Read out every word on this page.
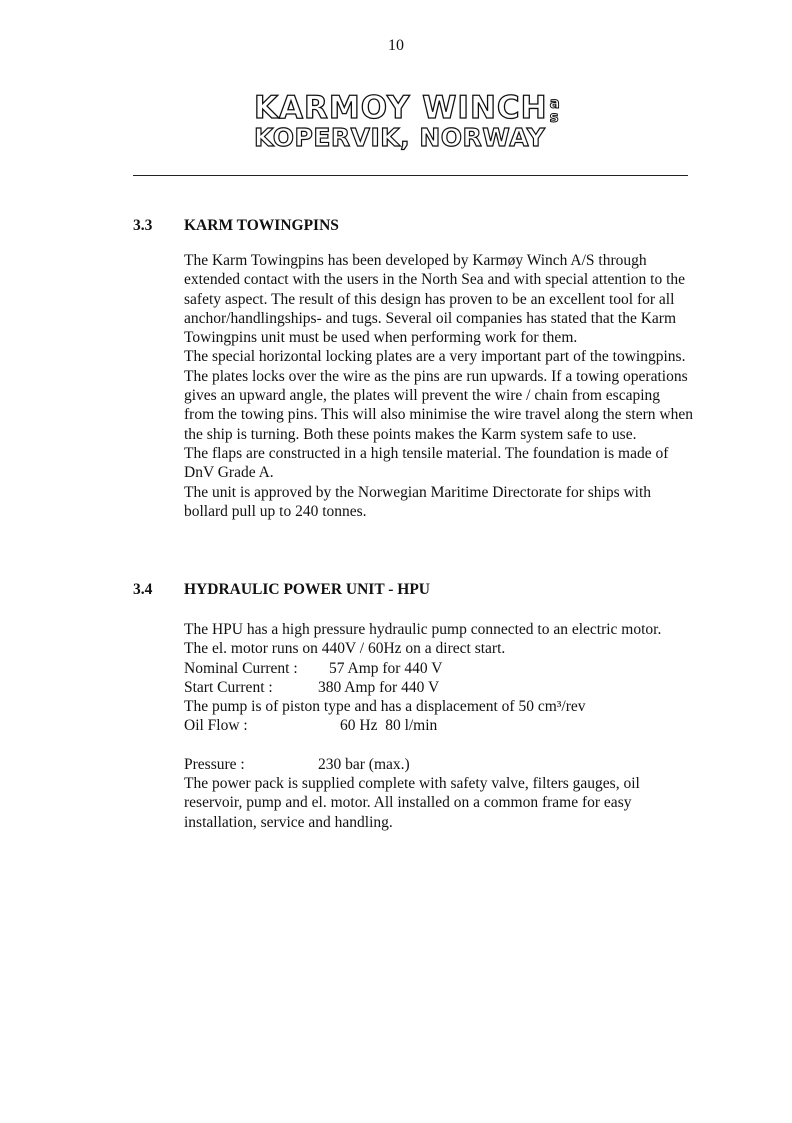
10
KARMOY WINCH a
s
KOPERVIK, NORWAY
3.3	KARM TOWINGPINS

The Karm Towingpins has been developed by Karmøy Winch A/S through extended contact with the users in the North Sea and with special attention to the safety aspect. The result of this design has proven to be an excellent tool for all anchor/handlingships- and tugs. Several oil companies has stated that the Karm Towingpins unit must be used when performing work for them.

The special horizontal locking plates are a very important part of the towingpins. The plates locks over the wire as the pins are run upwards. If a towing operations gives an upward angle, the plates will prevent the wire / chain from escaping from the towing pins. This will also minimise the wire travel along the stern when the ship is turning. Both these points makes the Karm system safe to use.

The flaps are constructed in a high tensile material. The foundation is made of DnV Grade A.

The unit is approved by the Norwegian Maritime Directorate for ships with bollard pull up to 240 tonnes.

3.4	HYDRAULIC POWER UNIT - HPU

The HPU has a high pressure hydraulic pump connected to an electric motor.

The el. motor runs on 440V / 60Hz on a direct start.

Nominal Current :	57 Amp for 440 V
Start Current :	380 Amp for 440 V

The pump is of piston type and has a displacement of 50 cm³/rev

Oil Flow :	60 Hz  80 l/min
Pressure :	230 bar (max.)

The power pack is supplied complete with safety valve, filters gauges, oil reservoir, pump and el. motor. All installed on a common frame for easy installation, service and handling.
